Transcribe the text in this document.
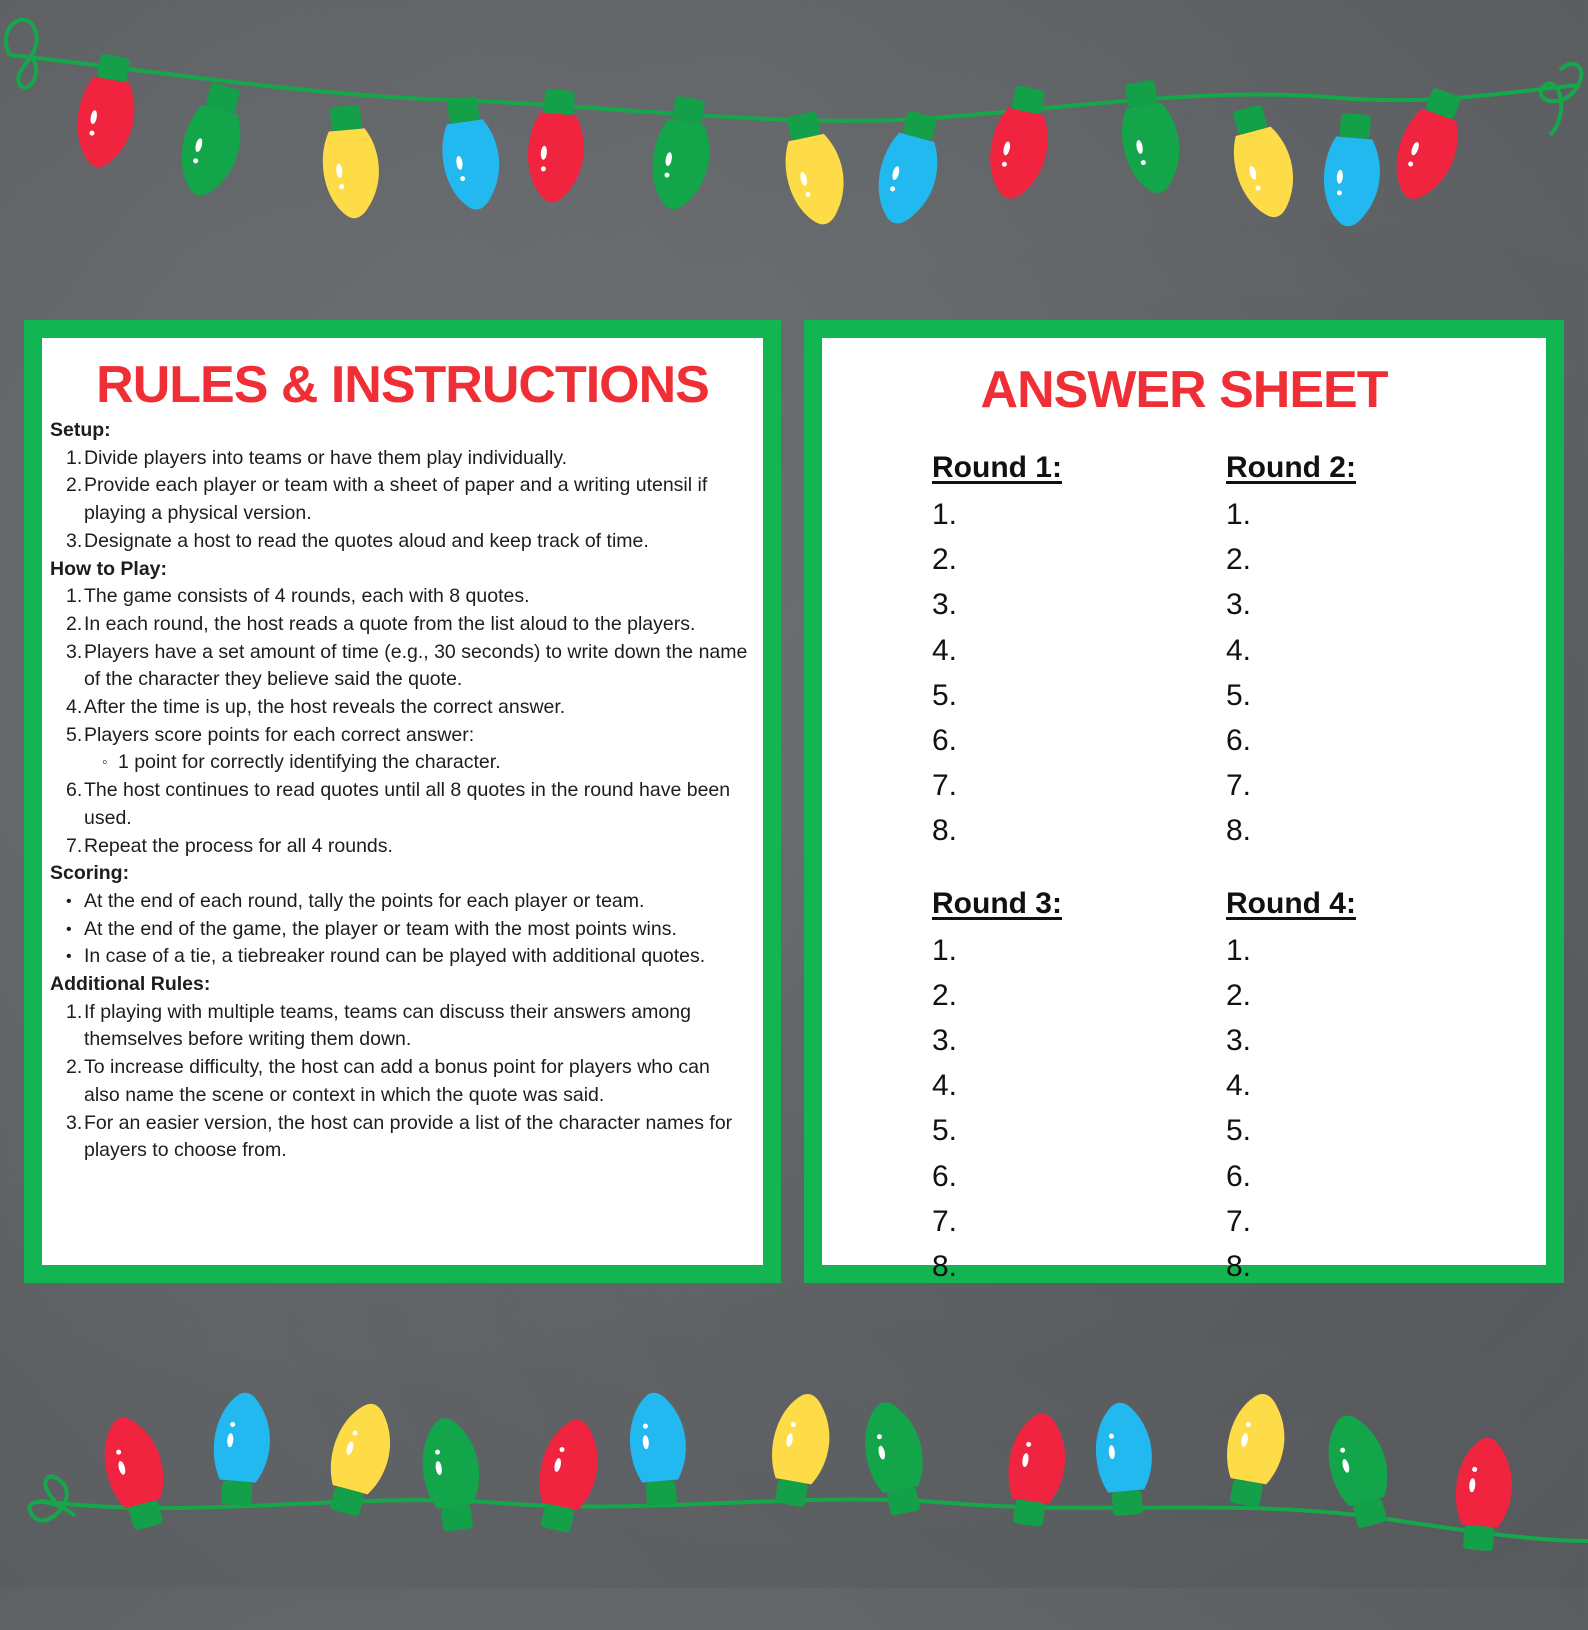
RULES & INSTRUCTIONS
Setup:
Divide players into teams or have them play individually.
Provide each player or team with a sheet of paper and a writing utensil if playing a physical version.
Designate a host to read the quotes aloud and keep track of time.
How to Play:
The game consists of 4 rounds, each with 8 quotes.
In each round, the host reads a quote from the list aloud to the players.
Players have a set amount of time (e.g., 30 seconds) to write down the name of the character they believe said the quote.
After the time is up, the host reveals the correct answer.
Players score points for each correct answer:
◦ 1 point for correctly identifying the character.
The host continues to read quotes until all 8 quotes in the round have been used.
Repeat the process for all 4 rounds.
Scoring:
• At the end of each round, tally the points for each player or team.
• At the end of the game, the player or team with the most points wins.
• In case of a tie, a tiebreaker round can be played with additional quotes.
Additional Rules:
If playing with multiple teams, teams can discuss their answers among themselves before writing them down.
To increase difficulty, the host can add a bonus point for players who can also name the scene or context in which the quote was said.
For an easier version, the host can provide a list of the character names for players to choose from.
ANSWER SHEET
Round 1:
1.
2.
3.
4.
5.
6.
7.
8.
Round 2:
1.
2.
3.
4.
5.
6.
7.
8.
Round 3:
1.
2.
3.
4.
5.
6.
7.
8.
Round 4:
1.
2.
3.
4.
5.
6.
7.
8.
